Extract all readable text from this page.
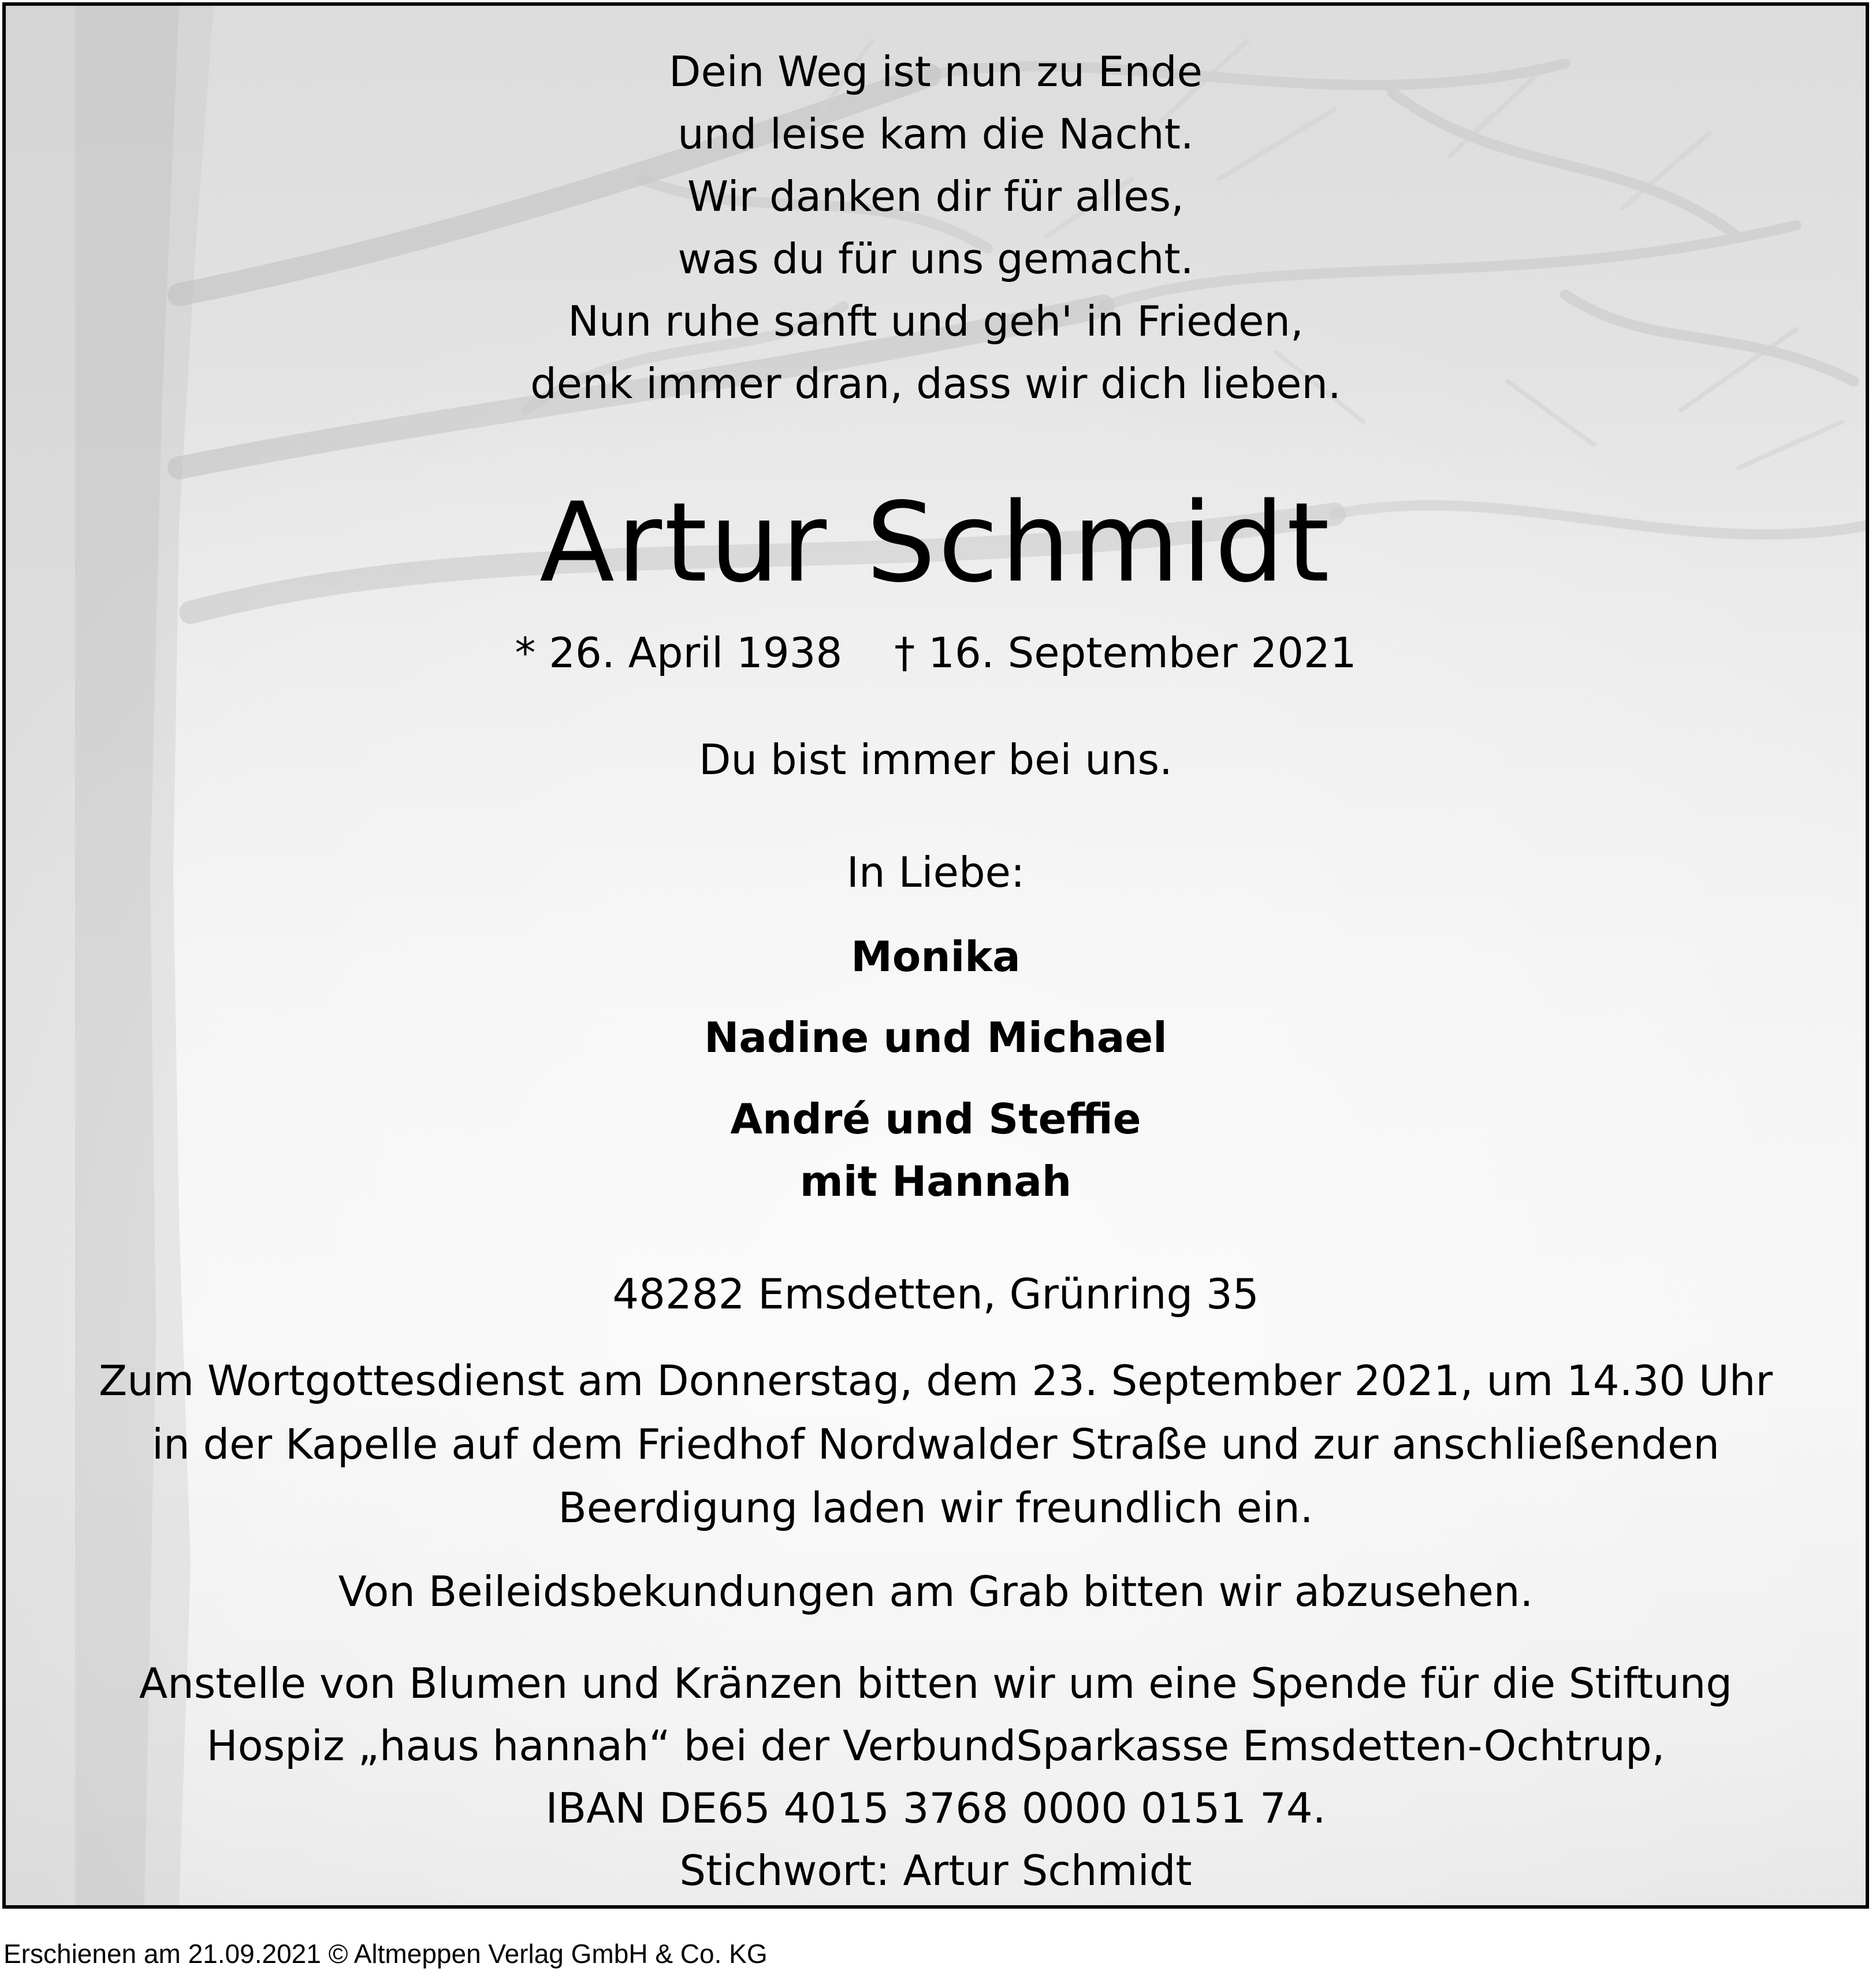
Dein Weg ist nun zu Ende
und leise kam die Nacht.
Wir danken dir für alles,
was du für uns gemacht.
Nun ruhe sanft und geh' in Frieden,
denk immer dran, dass wir dich lieben.
Artur Schmidt
* 26. April 1938 † 16. September 2021
Du bist immer bei uns.
In Liebe:
Monika
Nadine und Michael
André und Steffie
mit Hannah
48282 Emsdetten, Grünring 35
Zum Wortgottesdienst am Donnerstag, dem 23. September 2021, um 14.30 Uhr
in der Kapelle auf dem Friedhof Nordwalder Straße und zur anschließenden
Beerdigung laden wir freundlich ein.
Von Beileidsbekundungen am Grab bitten wir abzusehen.
Anstelle von Blumen und Kränzen bitten wir um eine Spende für die Stiftung
Hospiz „haus hannah“ bei der VerbundSparkasse Emsdetten-Ochtrup,
IBAN DE65 4015 3768 0000 0151 74.
Stichwort: Artur Schmidt
Erschienen am 21.09.2021 © Altmeppen Verlag GmbH & Co. KG
